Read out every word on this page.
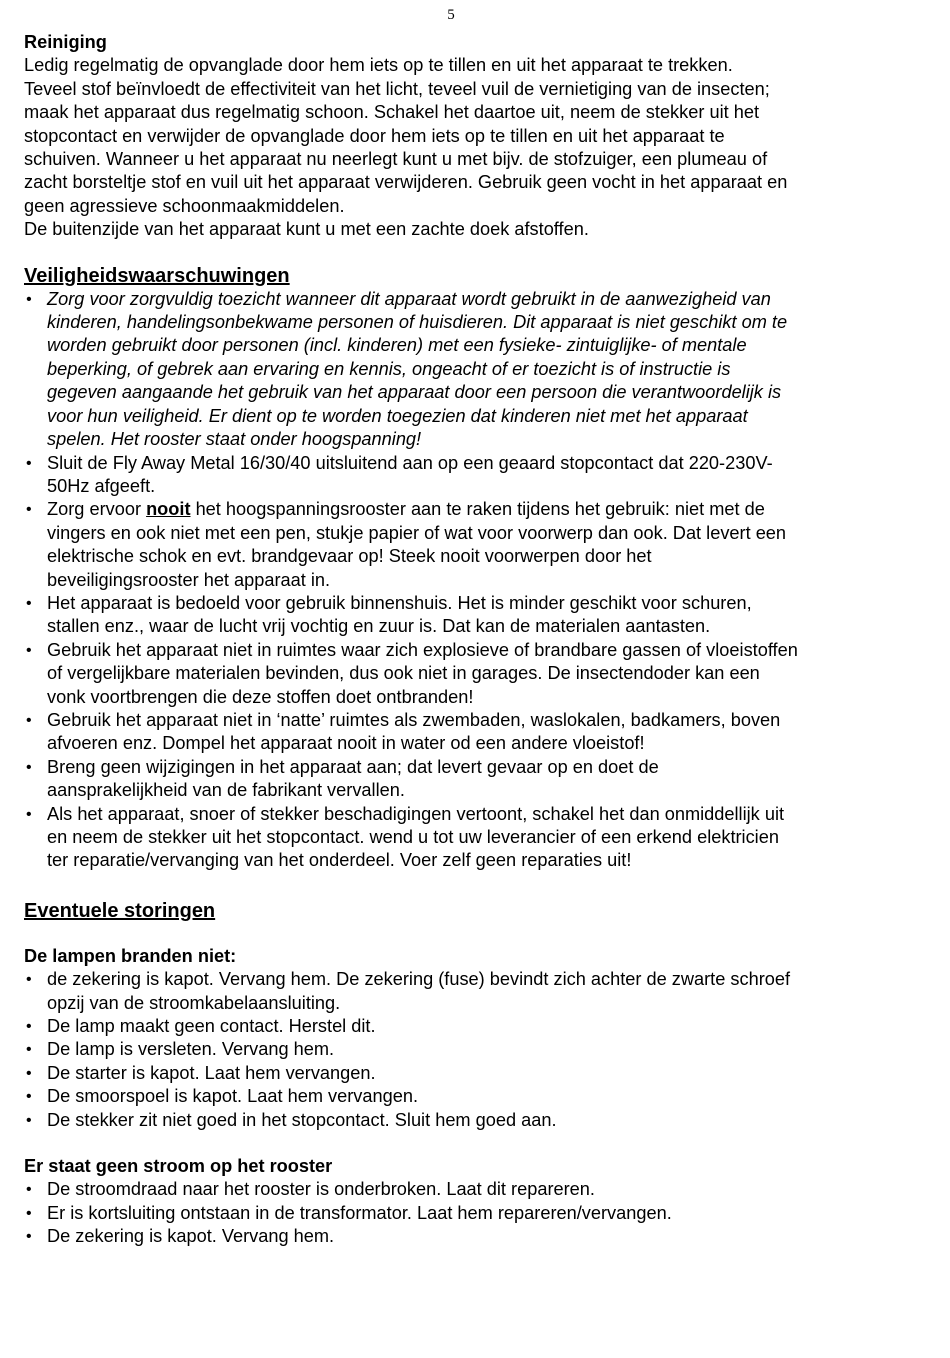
5
Reiniging

Ledig regelmatig de opvanglade door hem iets op te tillen en uit het apparaat te trekken.

Teveel stof beïnvloedt de effectiviteit van het licht, teveel vuil de vernietiging van de insecten;

maak het apparaat dus regelmatig schoon. Schakel het daartoe uit, neem de stekker uit het

stopcontact en verwijder de opvanglade door hem iets op te tillen en uit het apparaat te

schuiven. Wanneer u het apparaat nu neerlegt kunt u met bijv. de stofzuiger, een plumeau of

zacht borsteltje stof en vuil uit het apparaat verwijderen. Gebruik geen vocht in het apparaat en

geen agressieve schoonmaakmiddelen.

De buitenzijde van het apparaat kunt u met een zachte doek afstoffen.

Veiligheidswaarschuwingen
• Zorg voor zorgvuldig toezicht wanneer dit apparaat wordt gebruikt in de aanwezigheid van
kinderen, handelingsonbekwame personen of huisdieren. Dit apparaat is niet geschikt om te
worden gebruikt door personen (incl. kinderen) met een fysieke- zintuiglijke- of mentale
beperking, of gebrek aan ervaring en kennis, ongeacht of er toezicht is of instructie is
gegeven aangaande het gebruik van het apparaat door een persoon die verantwoordelijk is
voor hun veiligheid. Er dient op te worden toegezien dat kinderen niet met het apparaat
spelen. Het rooster staat onder hoogspanning!
• Sluit de Fly Away Metal 16/30/40 uitsluitend aan op een geaard stopcontact dat 220-230V-
50Hz afgeeft.
• Zorg ervoor nooit het hoogspanningsrooster aan te raken tijdens het gebruik: niet met de
vingers en ook niet met een pen, stukje papier of wat voor voorwerp dan ook. Dat levert een
elektrische schok en evt. brandgevaar op! Steek nooit voorwerpen door het
beveiligingsrooster het apparaat in.
• Het apparaat is bedoeld voor gebruik binnenshuis. Het is minder geschikt voor schuren,
stallen enz., waar de lucht vrij vochtig en zuur is. Dat kan de materialen aantasten.
• Gebruik het apparaat niet in ruimtes waar zich explosieve of brandbare gassen of vloeistoffen
of vergelijkbare materialen bevinden, dus ook niet in garages. De insectendoder kan een
vonk voortbrengen die deze stoffen doet ontbranden!
• Gebruik het apparaat niet in ‘natte’ ruimtes als zwembaden, waslokalen, badkamers, boven
afvoeren enz. Dompel het apparaat nooit in water od een andere vloeistof!
• Breng geen wijzigingen in het apparaat aan; dat levert gevaar op en doet de
aansprakelijkheid van de fabrikant vervallen.
• Als het apparaat, snoer of stekker beschadigingen vertoont, schakel het dan onmiddellijk uit
en neem de stekker uit het stopcontact. wend u tot uw leverancier of een erkend elektricien
ter reparatie/vervanging van het onderdeel. Voer zelf geen reparaties uit!
Eventuele storingen
De lampen branden niet:
• de zekering is kapot. Vervang hem. De zekering (fuse) bevindt zich achter de zwarte schroef
opzij van de stroomkabelaansluiting.
• De lamp maakt geen contact. Herstel dit.
• De lamp is versleten. Vervang hem.
• De starter is kapot. Laat hem vervangen.
• De smoorspoel is kapot. Laat hem vervangen.
• De stekker zit niet goed in het stopcontact. Sluit hem goed aan.
Er staat geen stroom op het rooster
• De stroomdraad naar het rooster is onderbroken. Laat dit repareren.
• Er is kortsluiting ontstaan in de transformator. Laat hem repareren/vervangen.
• De zekering is kapot. Vervang hem.
